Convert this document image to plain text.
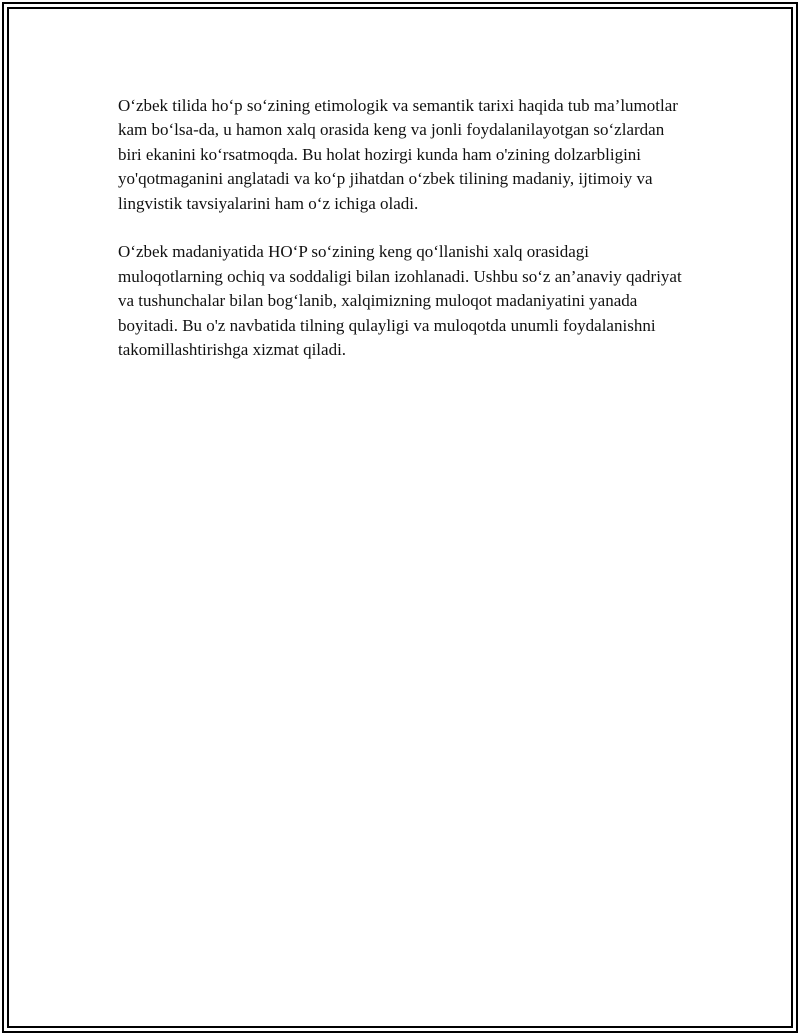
O‘zbek tilida ho‘p so‘zining etimologik va semantik tarixi haqida tub ma’lumotlar kam bo‘lsa-da, u hamon xalq orasida keng va jonli foydalanilayotgan so‘zlardan biri ekanini ko‘rsatmoqda. Bu holat hozirgi kunda ham o'zining dolzarbligini yo'qotmaganini anglatadi va ko‘p jihatdan o‘zbek tilining madaniy, ijtimoiy va lingvistik tavsiyalarini ham o‘z ichiga oladi.

O‘zbek madaniyatida HO‘P so‘zining keng qo‘llanishi xalq orasidagi muloqotlarning ochiq va soddaligi bilan izohlanadi. Ushbu so‘z an’anaviy qadriyat va tushunchalar bilan bog‘lanib, xalqimizning muloqot madaniyatini yanada boyitadi. Bu o'z navbatida tilning qulayligi va muloqotda unumli foydalanishni takomillashtirishga xizmat qiladi.
